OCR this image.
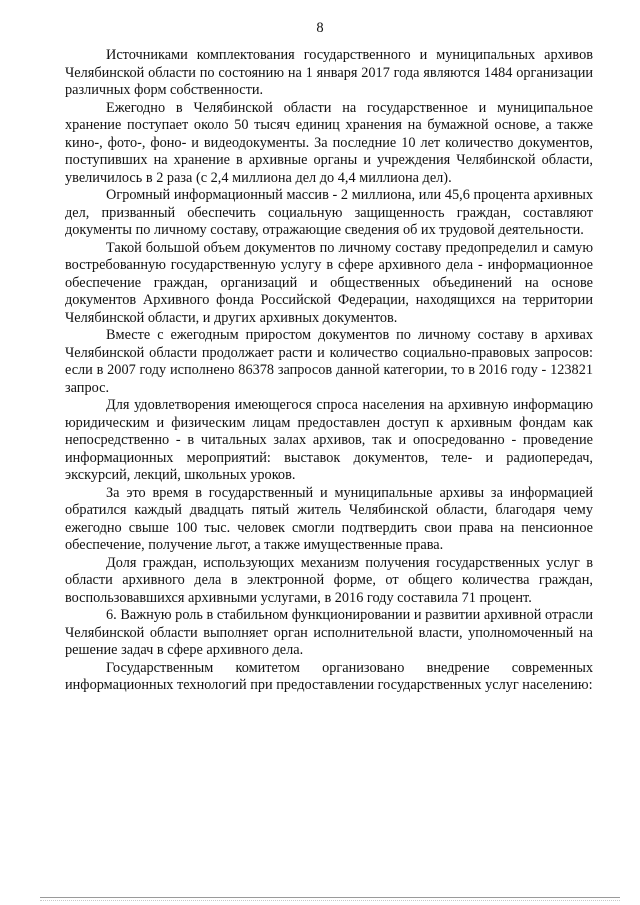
8

Источниками комплектования государственного и муниципальных архивов Челябинской области по состоянию на 1 января 2017 года являются 1484 организации различных форм собственности.

Ежегодно в Челябинской области на государственное и муниципальное хранение поступает около 50 тысяч единиц хранения на бумажной основе, а также кино-, фото-, фоно- и видеодокументы. За последние 10 лет количество документов, поступивших на хранение в архивные органы и учреждения Челябинской области, увеличилось в 2 раза (с 2,4 миллиона дел до 4,4 миллиона дел).

Огромный информационный массив - 2 миллиона, или 45,6 процента архивных дел, призванный обеспечить социальную защищенность граждан, составляют документы по личному составу, отражающие сведения об их трудовой деятельности.

Такой большой объем документов по личному составу предопределил и самую востребованную государственную услугу в сфере архивного дела - информационное обеспечение граждан, организаций и общественных объединений на основе документов Архивного фонда Российской Федерации, находящихся на территории Челябинской области, и других архивных документов.

Вместе с ежегодным приростом документов по личному составу в архивах Челябинской области продолжает расти и количество социально-правовых запросов: если в 2007 году исполнено 86378 запросов данной категории, то в 2016 году - 123821 запрос.

Для удовлетворения имеющегося спроса населения на архивную информацию юридическим и физическим лицам предоставлен доступ к архивным фондам как непосредственно - в читальных залах архивов, так и опосредованно - проведение информационных мероприятий: выставок документов, теле- и радиопередач, экскурсий, лекций, школьных уроков.

За это время в государственный и муниципальные архивы за информацией обратился каждый двадцать пятый житель Челябинской области, благодаря чему ежегодно свыше 100 тыс. человек смогли подтвердить свои права на пенсионное обеспечение, получение льгот, а также имущественные права.

Доля граждан, использующих механизм получения государственных услуг в области архивного дела в электронной форме, от общего количества граждан, воспользовавшихся архивными услугами, в 2016 году составила 71 процент.

6. Важную роль в стабильном функционировании и развитии архивной отрасли Челябинской области выполняет орган исполнительной власти, уполномоченный на решение задач в сфере архивного дела.

Государственным комитетом организовано внедрение современных информационных технологий при предоставлении государственных услуг населению:
